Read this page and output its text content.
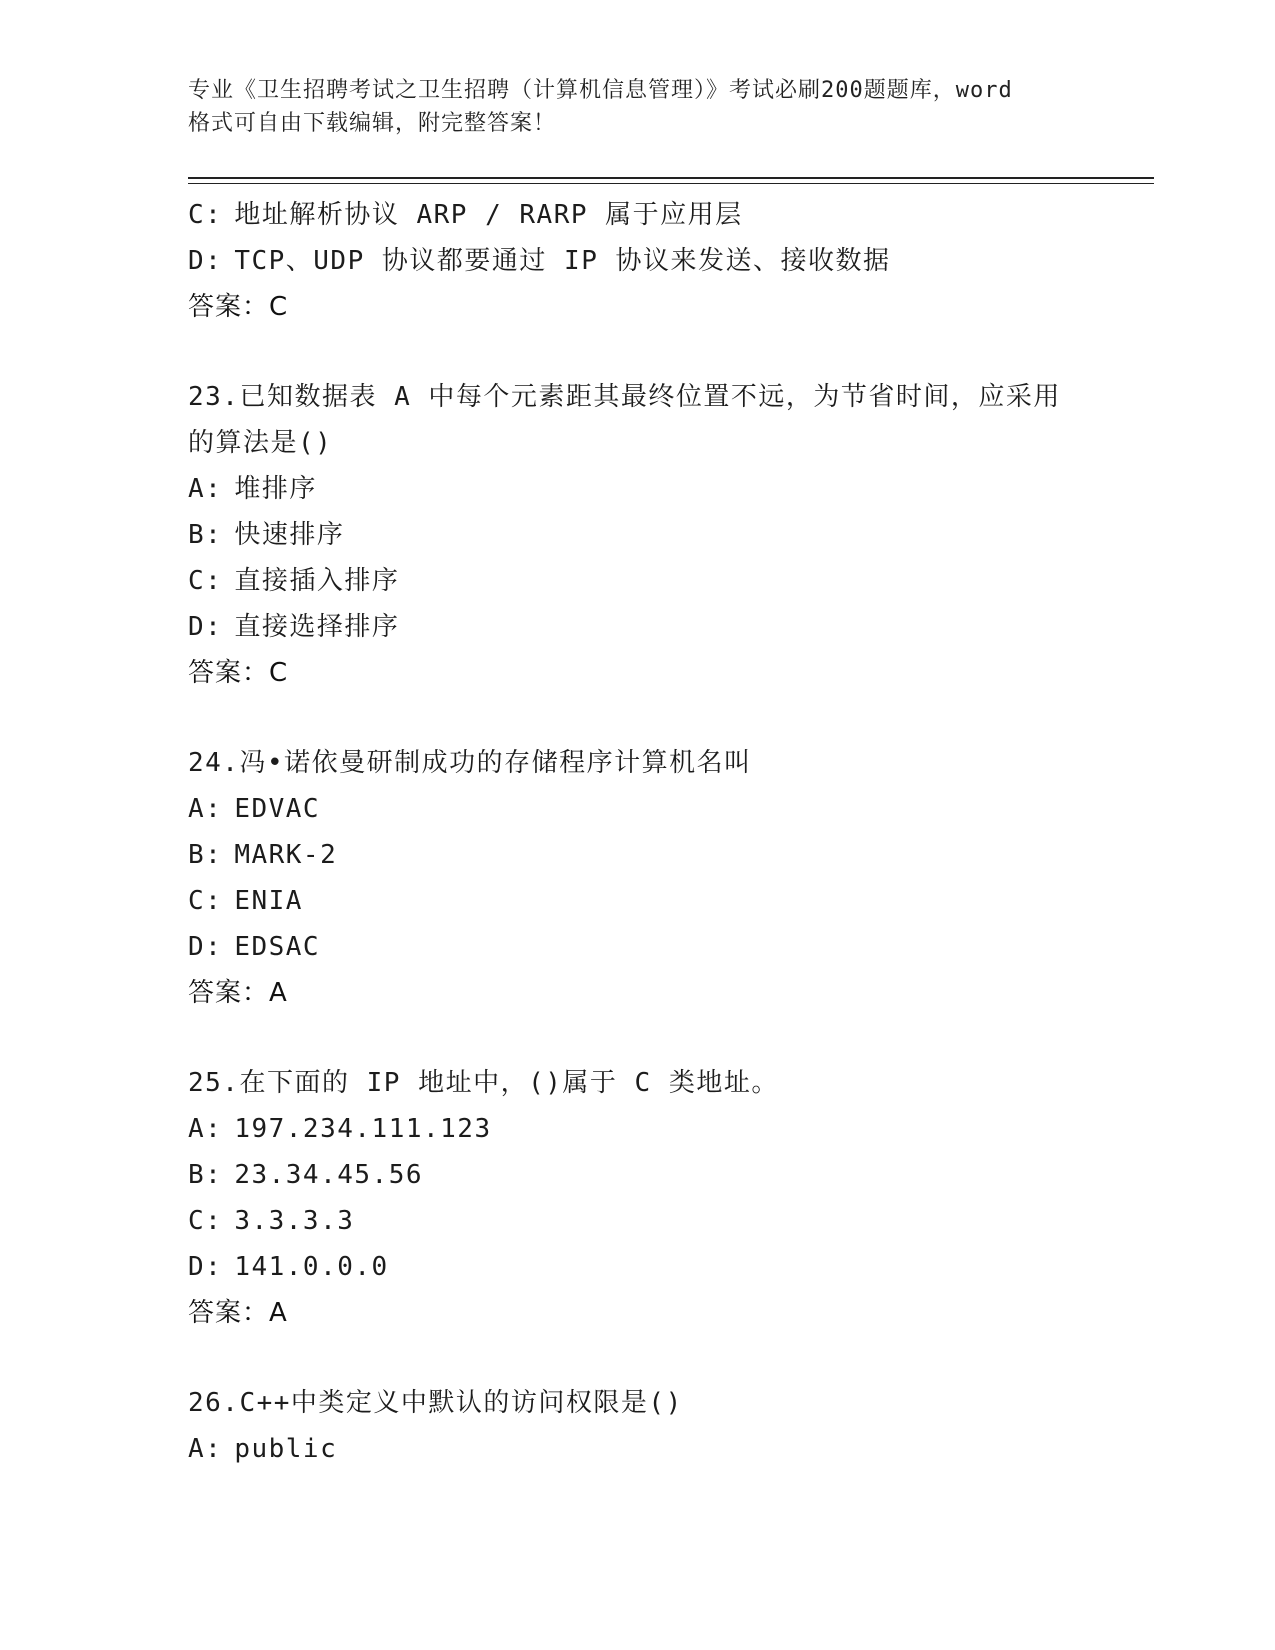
专业《卫生招聘考试之卫生招聘（计算机信息管理）》考试必刷200题题库，word
格式可自由下载编辑，附完整答案！
C: 地址解析协议 ARP / RARP 属于应用层
D: TCP、UDP 协议都要通过 IP 协议来发送、接收数据
答案：C
23.已知数据表 A 中每个元素距其最终位置不远，为节省时间，应采用
的算法是()
A: 堆排序
B: 快速排序
C: 直接插入排序
D: 直接选择排序
答案：C
24.冯•诺依曼研制成功的存储程序计算机名叫
A: EDVAC
B: MARK-2
C: ENIA
D: EDSAC
答案：A
25.在下面的 IP 地址中，()属于 C 类地址。
A: 197.234.111.123
B: 23.34.45.56
C: 3.3.3.3
D: 141.0.0.0
答案：A
26.C++中类定义中默认的访问权限是()
A: public
